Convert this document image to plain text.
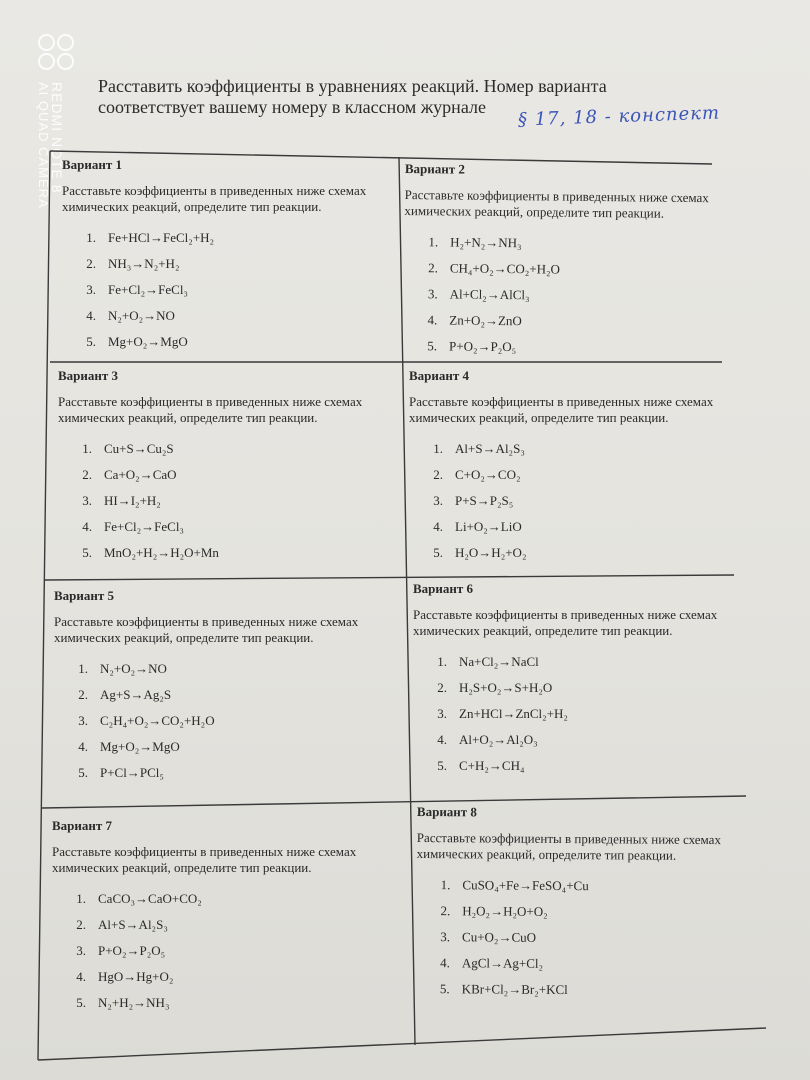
REDMI NOTE 8
AI QUAD CAMERA	Расставить коэффициенты в уравнениях реакций. Номер варианта
соответствует вашему номеру в классном журнале	§ 17, 18 - конспект
Вариант 1
Расставьте коэффициенты в приведенных ниже схемах химических реакций, определите тип реакции.
1. Fe+HCl→FeCl₂+H₂
2. NH₃→N₂+H₂
3. Fe+Cl₂→FeCl₃
4. N₂+O₂→NO
5. Mg+O₂→MgO
Вариант 2
Расставьте коэффициенты в приведенных ниже схемах химических реакций, определите тип реакции.
1. H₂+N₂→NH₃
2. CH₄+O₂→CO₂+H₂O
3. Al+Cl₂→AlCl₃
4. Zn+O₂→ZnO
5. P+O₂→P₂O₅
Вариант 3
Расставьте коэффициенты в приведенных ниже схемах химических реакций, определите тип реакции.
1. Cu+S→Cu₂S
2. Ca+O₂→CaO
3. HI→I₂+H₂
4. Fe+Cl₂→FeCl₃
5. MnO₂+H₂→H₂O+Mn
Вариант 4
Расставьте коэффициенты в приведенных ниже схемах химических реакций, определите тип реакции.
1. Al+S→Al₂S₃
2. C+O₂→CO₂
3. P+S→P₂S₅
4. Li+O₂→LiO
5. H₂O→H₂+O₂
Вариант 5
Расставьте коэффициенты в приведенных ниже схемах химических реакций, определите тип реакции.
1. N₂+O₂→NO
2. Ag+S→Ag₂S
3. C₂H₄+O₂→CO₂+H₂O
4. Mg+O₂→MgO
5. P+Cl→PCl₅
Вариант 6
Расставьте коэффициенты в приведенных ниже схемах химических реакций, определите тип реакции.
1. Na+Cl₂→NaCl
2. H₂S+O₂→S+H₂O
3. Zn+HCl→ZnCl₂+H₂
4. Al+O₂→Al₂O₃
5. C+H₂→CH₄
Вариант 7
Расставьте коэффициенты в приведенных ниже схемах химических реакций, определите тип реакции.
1. CaCO₃→CaO+CO₂
2. Al+S→Al₂S₃
3. P+O₂→P₂O₅
4. HgO→Hg+O₂
5. N₂+H₂→NH₃
Вариант 8
Расставьте коэффициенты в приведенных ниже схемах химических реакций, определите тип реакции.
1. CuSO₄+Fe→FeSO₄+Cu
2. H₂O₂→H₂O+O₂
3. Cu+O₂→CuO
4. AgCl→Ag+Cl₂
5. KBr+Cl₂→Br₂+KCl
